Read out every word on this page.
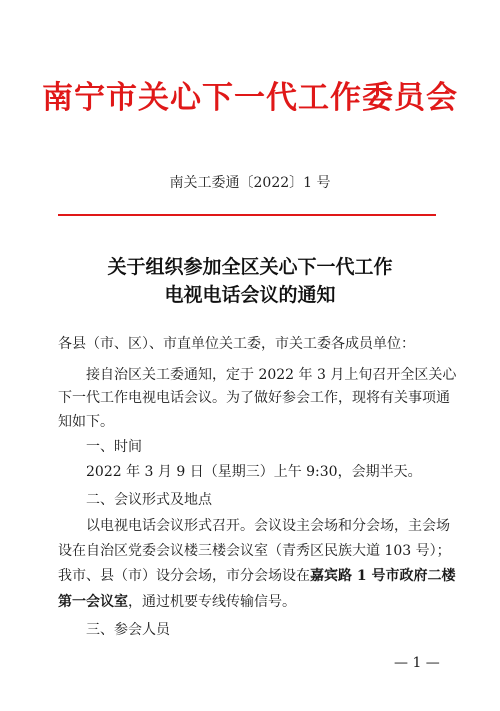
南宁市关心下一代工作委员会
南关工委通〔2022〕1 号
关于组织参加全区关心下一代工作
电视电话会议的通知
各县（市、区）、市直单位关工委，市关工委各成员单位：
接自治区关工委通知，定于 2022 年 3 月上旬召开全区关心
下一代工作电视电话会议。为了做好参会工作，现将有关事项通
知如下。
一、时间
2022 年 3 月 9 日（星期三）上午 9:30，会期半天。
二、会议形式及地点
以电视电话会议形式召开。会议设主会场和分会场，主会场
设在自治区党委会议楼三楼会议室（青秀区民族大道 103 号）；
我市、县（市）设分会场，市分会场设在嘉宾路 1 号市政府二楼
第一会议室，通过机要专线传输信号。
三、参会人员
— 1 —
